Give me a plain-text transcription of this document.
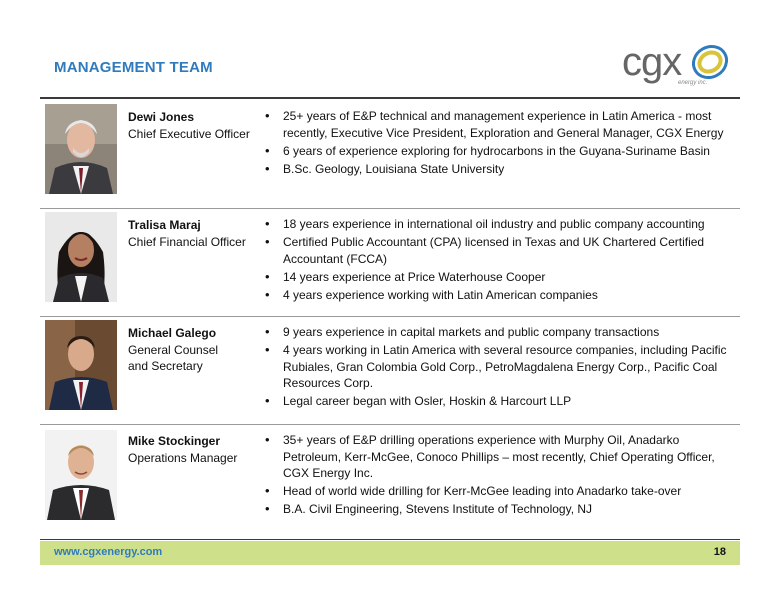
MANAGEMENT TEAM	cgx
energy inc.
Dewi Jones
Chief Executive Officer
• 25+ years of E&P technical and management experience in Latin America - most recently, Executive Vice President, Exploration and General Manager, CGX Energy
• 6 years of experience exploring for hydrocarbons in the Guyana-Suriname Basin
• B.Sc. Geology, Louisiana State University
Tralisa Maraj
Chief Financial Officer
• 18 years experience in international oil industry and public company accounting
• Certified Public Accountant (CPA) licensed in Texas and UK Chartered Certified Accountant (FCCA)
• 14 years experience at Price Waterhouse Cooper
• 4 years experience working with Latin American companies
Michael Galego
General Counsel
and Secretary
• 9 years experience in capital markets and public company transactions
• 4 years working in Latin America with several resource companies, including Pacific Rubiales, Gran Colombia Gold Corp., PetroMagdalena Energy Corp., Pacific Coal Resources Corp.
• Legal career began with Osler, Hoskin & Harcourt LLP
Mike Stockinger
Operations Manager
• 35+ years of E&P drilling operations experience with Murphy Oil, Anadarko Petroleum, Kerr-McGee, Conoco Phillips – most recently, Chief Operating Officer, CGX Energy Inc.
• Head of world wide drilling for Kerr-McGee leading into Anadarko take-over
• B.A. Civil Engineering, Stevens Institute of Technology, NJ
www.cgxenergy.com	18
